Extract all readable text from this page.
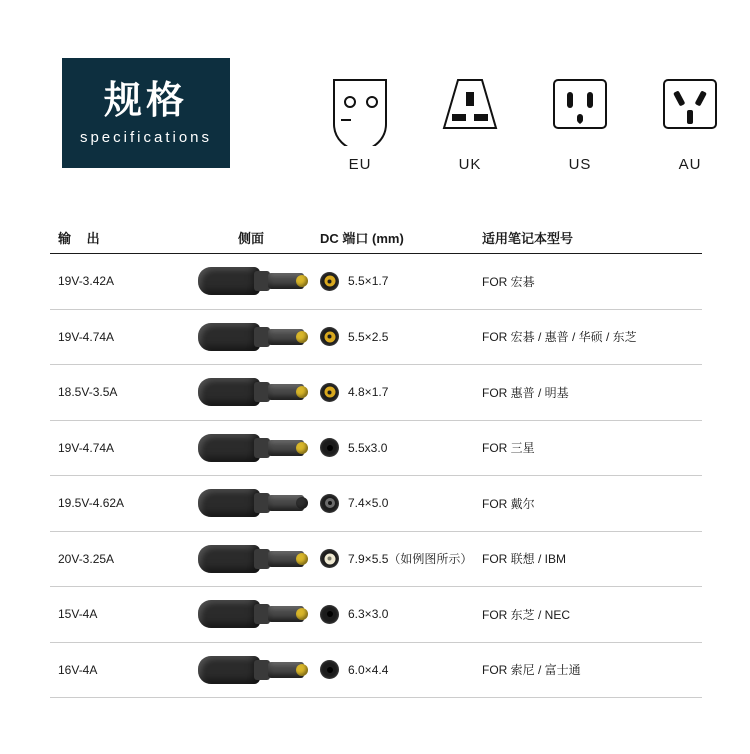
规格
specifications
EU	UK	US	AU
输 出	侧面	DC 端口 (mm)	适用笔记本型号
19V-3.42A	5.5×1.7	FOR 宏碁
19V-4.74A	5.5×2.5	FOR 宏碁 / 惠普 / 华硕 / 东芝
18.5V-3.5A	4.8×1.7	FOR 惠普 / 明基
19V-4.74A	5.5x3.0	FOR 三星
19.5V-4.62A	7.4×5.0	FOR 戴尔
20V-3.25A	7.9×5.5（如例图所示） FOR 联想 / IBM
15V-4A	6.3×3.0	FOR 东芝 / NEC
16V-4A	6.0×4.4	FOR 索尼 / 富士通
